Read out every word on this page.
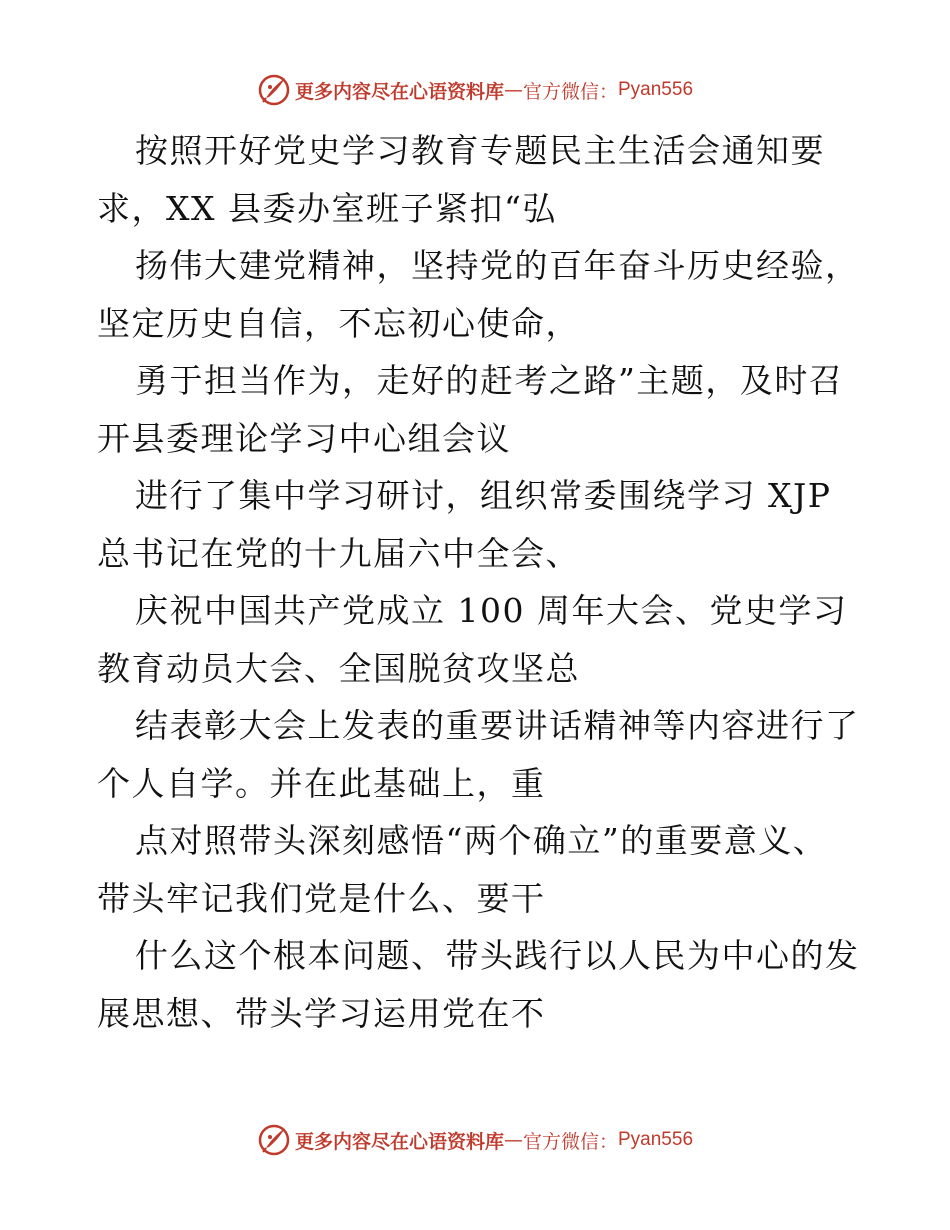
更多内容尽在心语资料库 — 官方微信： Pyan556
按照开好党史学习教育专题民主生活会通知要
求，XX 县委办室班子紧扣“弘
扬伟大建党精神，坚持党的百年奋斗历史经验，
坚定历史自信，不忘初心使命，
勇于担当作为，走好的赶考之路”主题，及时召
开县委理论学习中心组会议
进行了集中学习研讨，组织常委围绕学习 XJP
总书记在党的十九届六中全会、
庆祝中国共产党成立 100 周年大会、党史学习
教育动员大会、全国脱贫攻坚总
结表彰大会上发表的重要讲话精神等内容进行了
个人自学。并在此基础上，重
点对照带头深刻感悟“两个确立”的重要意义、
带头牢记我们党是什么、要干
什么这个根本问题、带头践行以人民为中心的发
展思想、带头学习运用党在不
更多内容尽在心语资料库 — 官方微信： Pyan556
